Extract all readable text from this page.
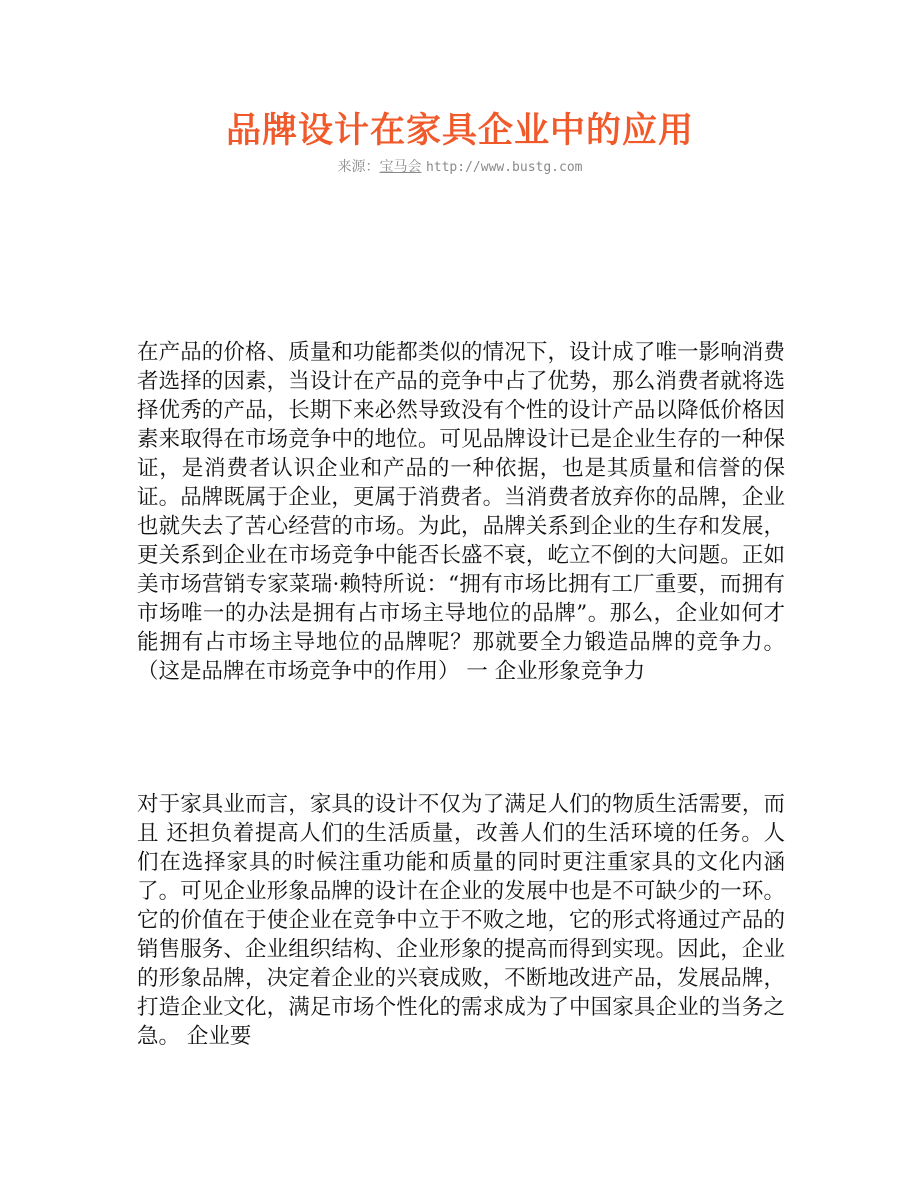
品牌设计在家具企业中的应用
来源：宝马会 http://www.bustg.com

在产品的价格、质量和功能都类似的情况下，设计成了唯一影响消费者选择的因素，当设计在产品的竞争中占了优势，那么消费者就将选择优秀的产品，长期下来必然导致没有个性的设计产品以降低价格因素来取得在市场竞争中的地位。可见品牌设计已是企业生存的一种保证，是消费者认识企业和产品的一种依据，也是其质量和信誉的保证。品牌既属于企业，更属于消费者。当消费者放弃你的品牌，企业也就失去了苦心经营的市场。为此，品牌关系到企业的生存和发展，更关系到企业在市场竞争中能否长盛不衰，屹立不倒的大问题。正如美市场营销专家菜瑞·赖特所说：“拥有市场比拥有工厂重要，而拥有市场唯一的办法是拥有占市场主导地位的品牌”。那么，企业如何才能拥有占市场主导地位的品牌呢？那就要全力锻造品牌的竞争力。（这是品牌在市场竞争中的作用） 一 企业形象竞争力

对于家具业而言，家具的设计不仅为了满足人们的物质生活需要，而且 还担负着提高人们的生活质量，改善人们的生活环境的任务。人们在选择家具的时候注重功能和质量的同时更注重家具的文化内涵了。可见企业形象品牌的设计在企业的发展中也是不可缺少的一环。它的价值在于使企业在竞争中立于不败之地，它的形式将通过产品的销售服务、企业组织结构、企业形象的提高而得到实现。因此，企业的形象品牌，决定着企业的兴衰成败，不断地改进产品，发展品牌，打造企业文化，满足市场个性化的需求成为了中国家具企业的当务之急。 企业要
